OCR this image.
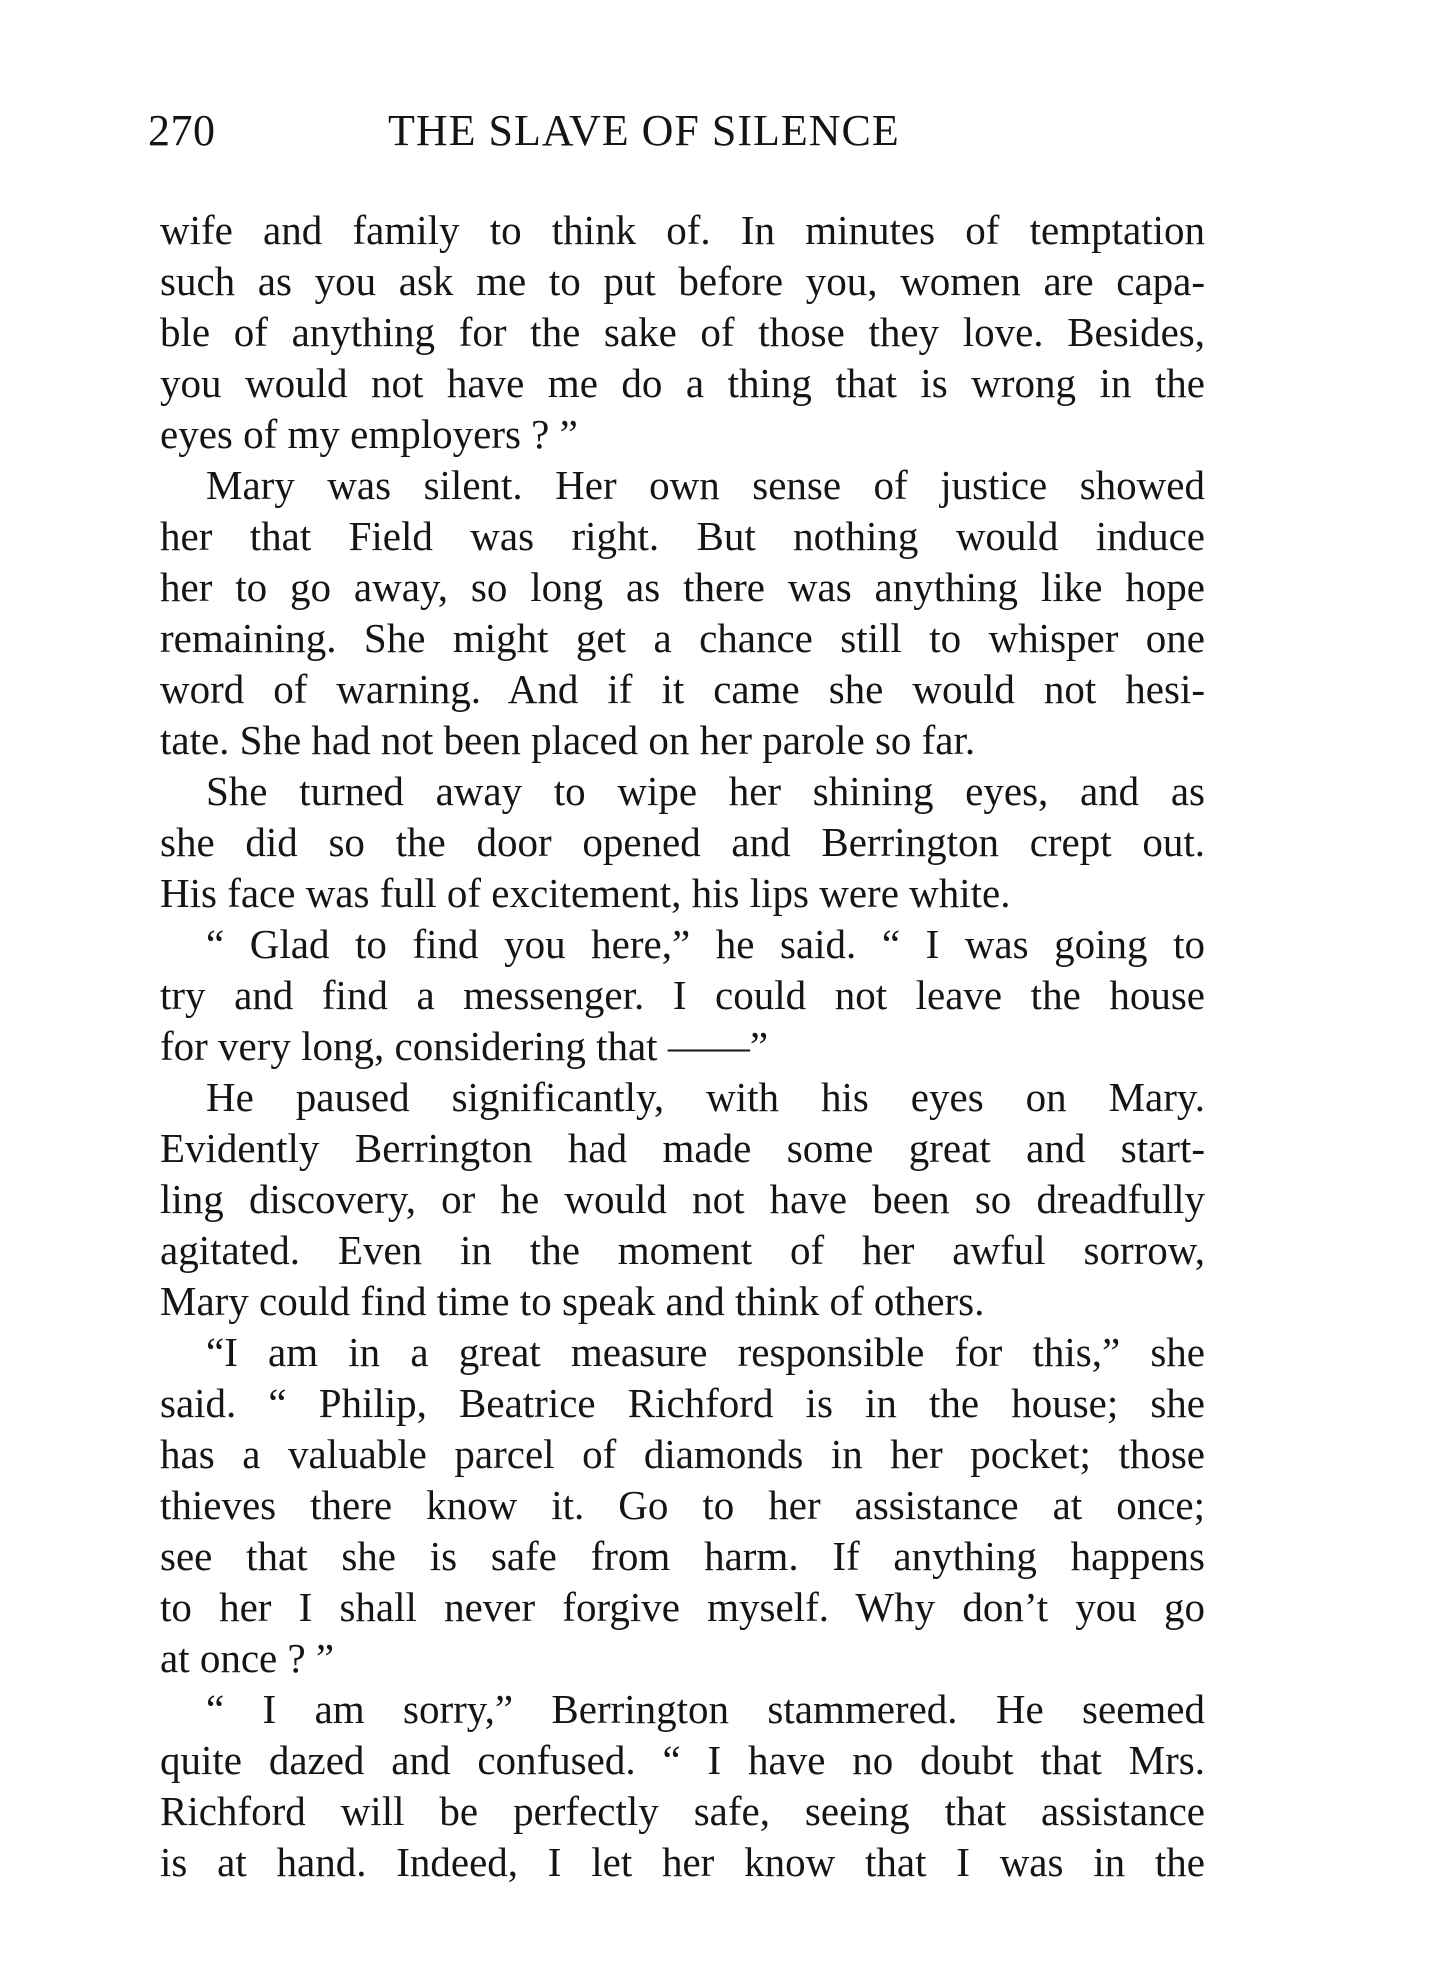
270	THE SLAVE OF SILENCE
wife and family to think of. In minutes of temptation
such as you ask me to put before you, women are capa-
ble of anything for the sake of those they love. Besides,
you would not have me do a thing that is wrong in the
eyes of my employers ? ”
Mary was silent. Her own sense of justice showed
her that Field was right. But nothing would induce
her to go away, so long as there was anything like hope
remaining. She might get a chance still to whisper one
word of warning. And if it came she would not hesi-
tate. She had not been placed on her parole so far.
She turned away to wipe her shining eyes, and as
she did so the door opened and Berrington crept out.
His face was full of excitement, his lips were white.
“ Glad to find you here,” he said. “ I was going to
try and find a messenger. I could not leave the house
for very long, considering that ——”
He paused significantly, with his eyes on Mary.
Evidently Berrington had made some great and start-
ling discovery, or he would not have been so dreadfully
agitated. Even in the moment of her awful sorrow,
Mary could find time to speak and think of others.
“I am in a great measure responsible for this,” she
said. “ Philip, Beatrice Richford is in the house; she
has a valuable parcel of diamonds in her pocket; those
thieves there know it. Go to her assistance at once;
see that she is safe from harm. If anything happens
to her I shall never forgive myself. Why don’t you go
at once ? ”
“ I am sorry,” Berrington stammered. He seemed
quite dazed and confused. “ I have no doubt that Mrs.
Richford will be perfectly safe, seeing that assistance
is at hand. Indeed, I let her know that I was in the
